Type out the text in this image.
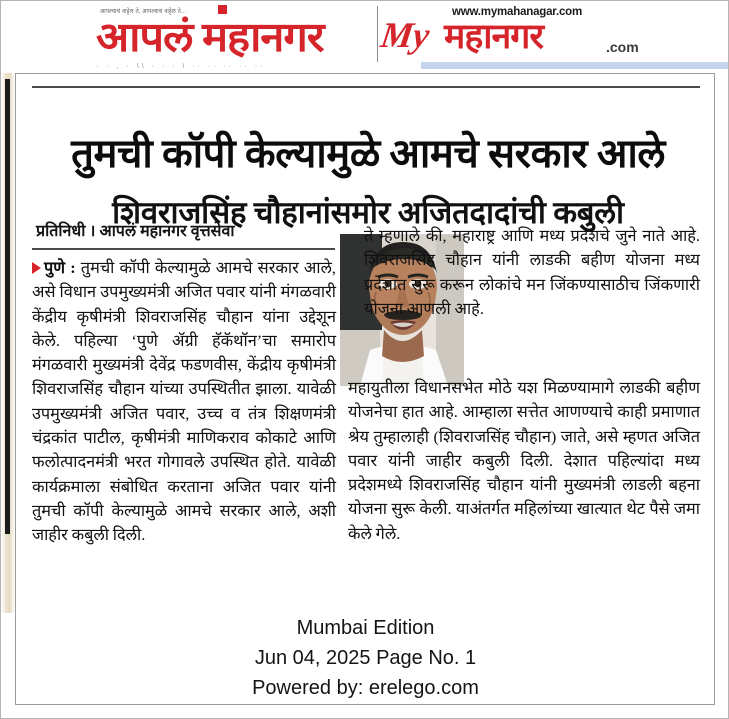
आपल्याचं वाट्टेल ते, आपल्याचं वाट्टेल ते...
आपलं महानगर
www.mymahanagar.com
My महानगर	.com
· · , · \\ · · · \ ·· ·· ·· ·· ··
तुमची कॉपी केल्यामुळे आमचे सरकार आले
शिवराजसिंह चौहानांसमोर अजितदादांची कबुली
प्रतिनिधी । आपलं महानगर वृत्तसेवा
पुणे : तुमची कॉपी केल्यामुळे आमचे सरकार आले, असे विधान उपमुख्यमंत्री अजित पवार यांनी मंगळवारी केंद्रीय कृषीमंत्री शिवराजसिंह चौहान यांना उद्देशून केले. पहिल्या ‘पुणे ॲग्री हॅकॅथॉन’चा समारोप मंगळवारी मुख्यमंत्री देवेंद्र फडणवीस, केंद्रीय कृषीमंत्री शिवराजसिंह चौहान यांच्या उपस्थितीत झाला. यावेळी उपमुख्यमंत्री अजित पवार, उच्च व तंत्र शिक्षणमंत्री चंद्रकांत पाटील, कृषीमंत्री माणिकराव कोकाटे आणि फलोत्पादनमंत्री भरत गोगावले उपस्थित होते. यावेळी कार्यक्रमाला संबोधित करताना अजित पवार यांनी तुमची कॉपी केल्यामुळे आमचे सरकार आले, अशी जाहीर कबुली दिली.
ते म्हणाले की, महाराष्ट्र आणि मध्य प्रदेशचे जुने नाते आहे. शिवराजसिंह चौहान यांनी लाडकी बहीण योजना मध्य प्रदेशात सुरू करून लोकांचे मन जिंकण्यासाठीच जिंकणारी योजना आणली आहे.
महायुतीला विधानसभेत मोठे यश मिळण्यामागे लाडकी बहीण योजनेचा हात आहे. आम्हाला सत्तेत आणण्याचे काही प्रमाणात श्रेय तुम्हालाही (शिवराजसिंह चौहान) जाते, असे म्हणत अजित पवार यांनी जाहीर कबुली दिली. देशात पहिल्यांदा मध्य प्रदेशमध्ये शिवराजसिंह चौहान यांनी मुख्यमंत्री लाडली बहना योजना सुरू केली. याअंतर्गत महिलांच्या खात्यात थेट पैसे जमा केले गेले.
Mumbai Edition
Jun 04, 2025 Page No. 1
Powered by: erelego.com
